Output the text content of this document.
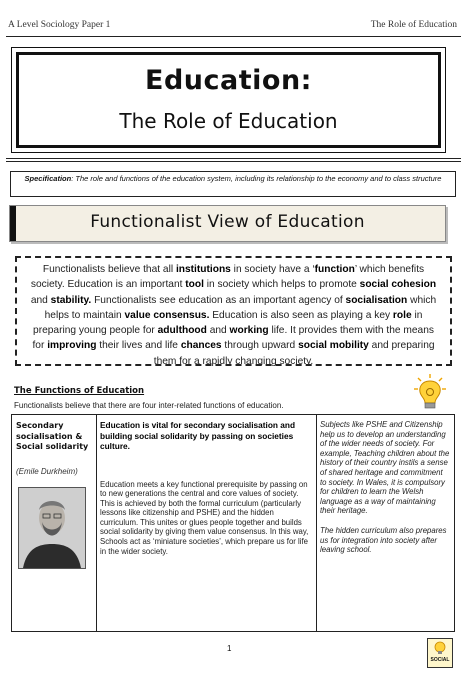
A Level Sociology Paper 1	The Role of Education
Education:
The Role of Education
Specification: The role and functions of the education system, including its relationship to the economy and to class structure
Functionalist View of Education
Functionalists believe that all institutions in society have a ‘function’ which benefits society. Education is an important tool in society which helps to promote social cohesion and stability. Functionalists see education as an important agency of socialisation which helps to maintain value consensus. Education is also seen as playing a key role in preparing young people for adulthood and working life. It provides them with the means for improving their lives and life chances through upward social mobility and preparing them for a rapidly changing society.
The Functions of Education
Functionalists believe that there are four inter-related functions of education.
Secondary socialisation & Social solidarity
(Emile Durkheim)
Education is vital for secondary socialisation and building social solidarity by passing on societies culture.
Education meets a key functional prerequisite by passing on to new generations the central and core values of society. This is achieved by both the formal curriculum (particularly lessons like citizenship and PSHE) and the hidden curriculum. This unites or glues people together and builds social solidarity by giving them value consensus. In this way, Schools act as ‘miniature societies’, which prepare us for life in the wider society.

Subjects like PSHE and Citizenship help us to develop an understanding of the wider needs of society. For example, Teaching children about the history of their country instils a sense of shared heritage and commitment to society. In Wales, it is compulsory for children to learn the Welsh language as a way of maintaining their heritage.

The hidden curriculum also prepares us for integration into society after leaving school.

1
SOCIAL
